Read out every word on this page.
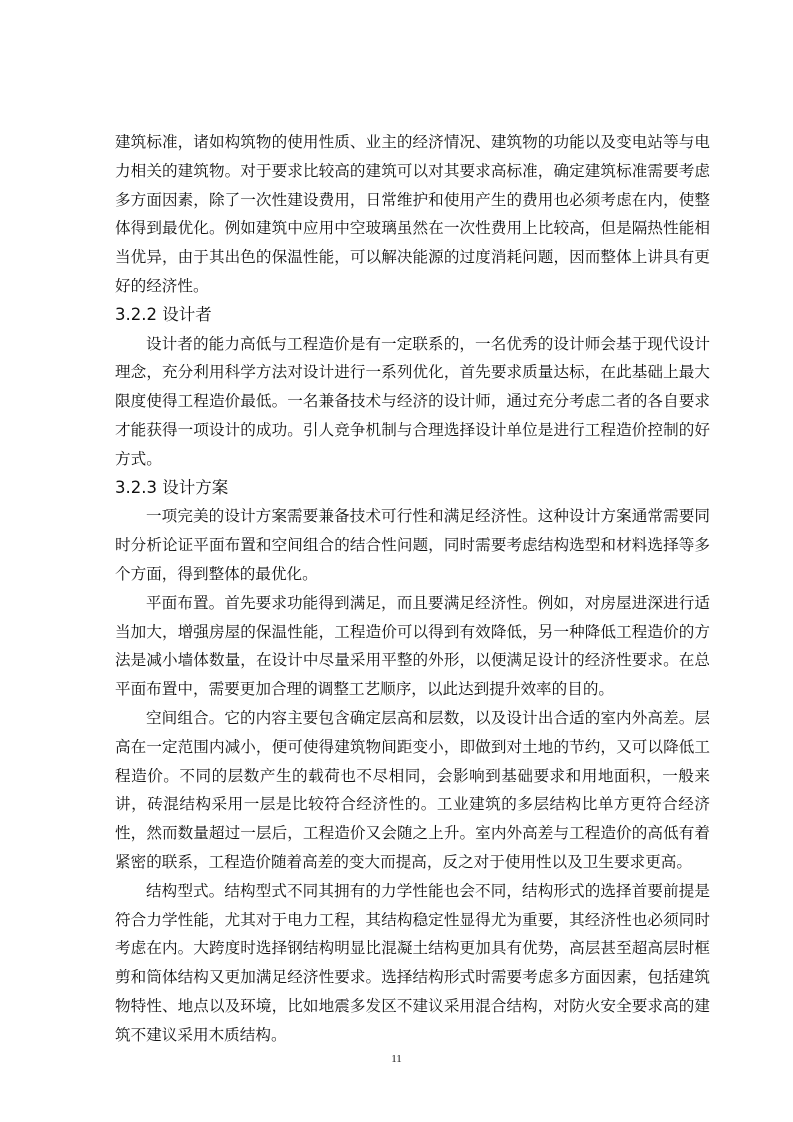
建筑标准，诸如构筑物的使用性质、业主的经济情况、建筑物的功能以及变电站等与电力相关的建筑物。对于要求比较高的建筑可以对其要求高标准，确定建筑标准需要考虑多方面因素，除了一次性建设费用，日常维护和使用产生的费用也必须考虑在内，使整体得到最优化。例如建筑中应用中空玻璃虽然在一次性费用上比较高，但是隔热性能相当优异，由于其出色的保温性能，可以解决能源的过度消耗问题，因而整体上讲具有更好的经济性。

3.2.2 设计者

设计者的能力高低与工程造价是有一定联系的，一名优秀的设计师会基于现代设计理念，充分利用科学方法对设计进行一系列优化，首先要求质量达标，在此基础上最大限度使得工程造价最低。一名兼备技术与经济的设计师，通过充分考虑二者的各自要求才能获得一项设计的成功。引人竞争机制与合理选择设计单位是进行工程造价控制的好方式。

3.2.3 设计方案

一项完美的设计方案需要兼备技术可行性和满足经济性。这种设计方案通常需要同时分析论证平面布置和空间组合的结合性问题，同时需要考虑结构选型和材料选择等多个方面，得到整体的最优化。

平面布置。首先要求功能得到满足，而且要满足经济性。例如，对房屋进深进行适当加大，增强房屋的保温性能，工程造价可以得到有效降低，另一种降低工程造价的方法是减小墙体数量，在设计中尽量采用平整的外形，以便满足设计的经济性要求。在总平面布置中，需要更加合理的调整工艺顺序，以此达到提升效率的目的。

空间组合。它的内容主要包含确定层高和层数，以及设计出合适的室内外高差。层高在一定范围内减小，便可使得建筑物间距变小，即做到对土地的节约，又可以降低工程造价。不同的层数产生的载荷也不尽相同，会影响到基础要求和用地面积，一般来讲，砖混结构采用一层是比较符合经济性的。工业建筑的多层结构比单方更符合经济性，然而数量超过一层后，工程造价又会随之上升。室内外高差与工程造价的高低有着紧密的联系，工程造价随着高差的变大而提高，反之对于使用性以及卫生要求更高。

结构型式。结构型式不同其拥有的力学性能也会不同，结构形式的选择首要前提是符合力学性能，尤其对于电力工程，其结构稳定性显得尤为重要，其经济性也必须同时考虑在内。大跨度时选择钢结构明显比混凝土结构更加具有优势，高层甚至超高层时框剪和筒体结构又更加满足经济性要求。选择结构形式时需要考虑多方面因素，包括建筑物特性、地点以及环境，比如地震多发区不建议采用混合结构，对防火安全要求高的建筑不建议采用木质结构。

11
